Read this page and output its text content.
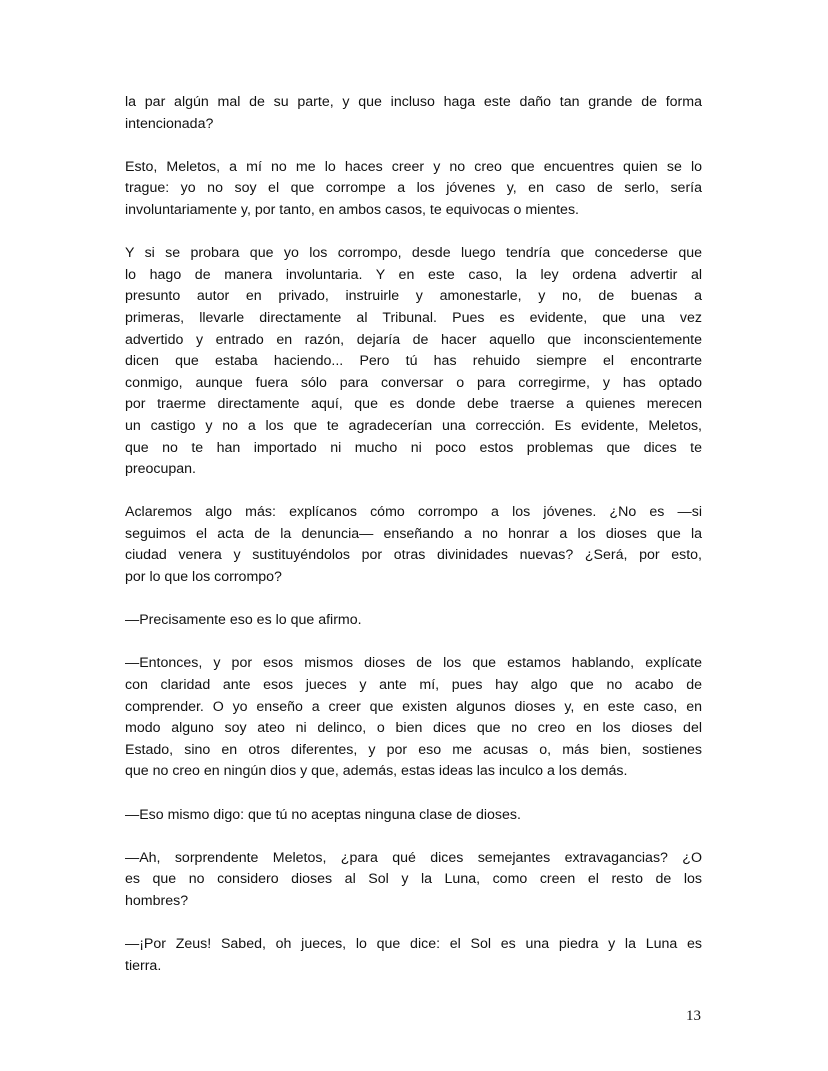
la par algún mal de su parte, y que incluso haga este daño tan grande de forma
intencionada?
Esto, Meletos, a mí no me lo haces creer y no creo que encuentres quien se lo
trague: yo no soy el que corrompe a los jóvenes y, en caso de serlo, sería
involuntariamente y, por tanto, en ambos casos, te equivocas o mientes.
Y si se probara que yo los corrompo, desde luego tendría que concederse que
lo hago de manera involuntaria. Y en este caso, la ley ordena advertir al
presunto autor en privado, instruirle y amonestarle, y no, de buenas a
primeras, llevarle directamente al Tribunal. Pues es evidente, que una vez
advertido y entrado en razón, dejaría de hacer aquello que inconscientemente
dicen que estaba haciendo... Pero tú has rehuido siempre el encontrarte
conmigo, aunque fuera sólo para conversar o para corregirme, y has optado
por traerme directamente aquí, que es donde debe traerse a quienes merecen
un castigo y no a los que te agradecerían una corrección. Es evidente, Meletos,
que no te han importado ni mucho ni poco estos problemas que dices te
preocupan.
Aclaremos algo más: explícanos cómo corrompo a los jóvenes. ¿No es —si
seguimos el acta de la denuncia— enseñando a no honrar a los dioses que la
ciudad venera y sustituyéndolos por otras divinidades nuevas? ¿Será, por esto,
por lo que los corrompo?
—Precisamente eso es lo que afirmo.
—Entonces, y por esos mismos dioses de los que estamos hablando, explícate
con claridad ante esos jueces y ante mí, pues hay algo que no acabo de
comprender. O yo enseño a creer que existen algunos dioses y, en este caso, en
modo alguno soy ateo ni delinco, o bien dices que no creo en los dioses del
Estado, sino en otros diferentes, y por eso me acusas o, más bien, sostienes
que no creo en ningún dios y que, además, estas ideas las inculco a los demás.
—Eso mismo digo: que tú no aceptas ninguna clase de dioses.
—Ah, sorprendente Meletos, ¿para qué dices semejantes extravagancias? ¿O
es que no considero dioses al Sol y la Luna, como creen el resto de los
hombres?
—¡Por Zeus! Sabed, oh jueces, lo que dice: el Sol es una piedra y la Luna es
tierra.
13
